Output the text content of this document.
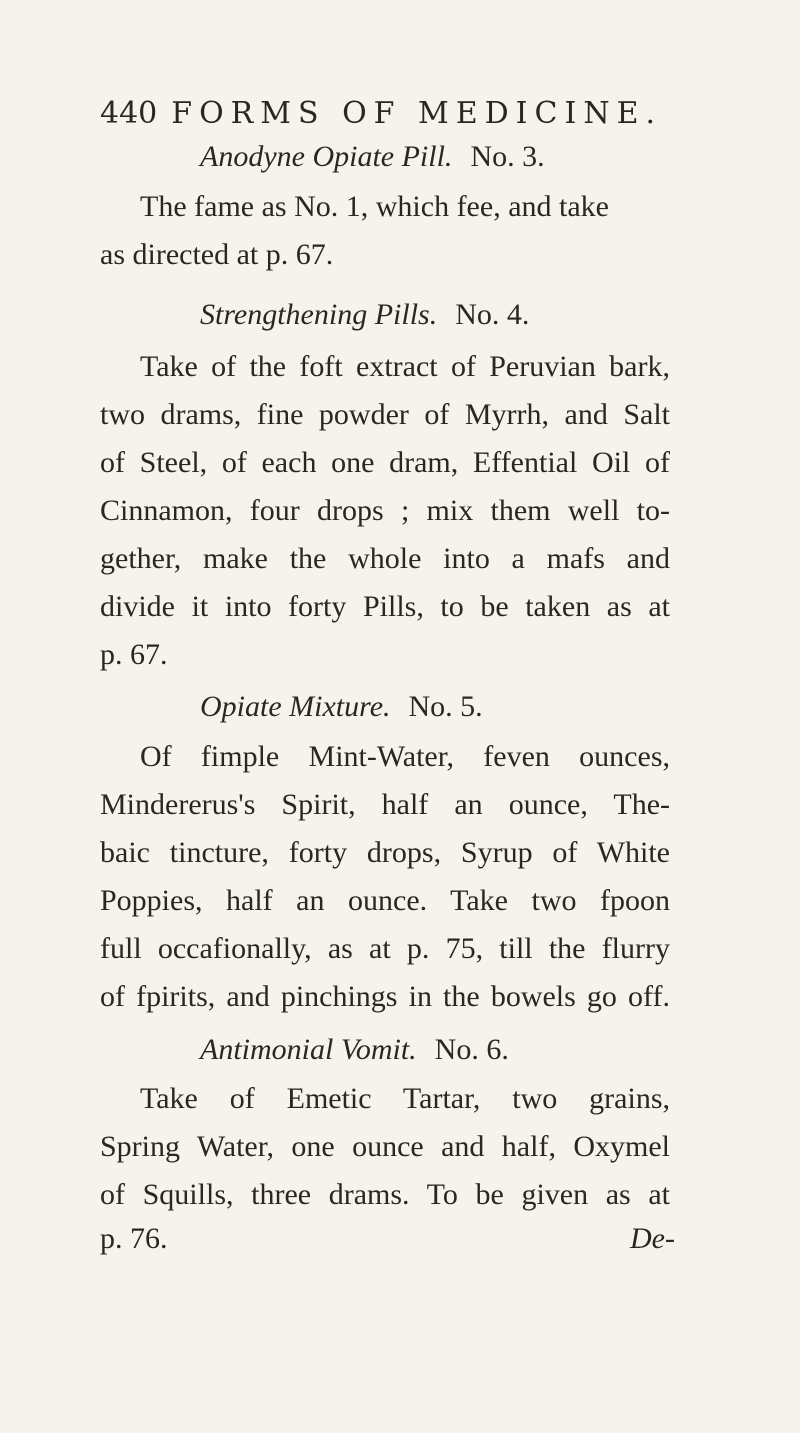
440 FORMS OF MEDICINE.
Anodyne Opiate Pill. No. 3.
The fame as No. 1, which fee, and take
as directed at p. 67.
Strengthening Pills. No. 4.
Take of the foft extract of Peruvian bark,
two drams, fine powder of Myrrh, and Salt
of Steel, of each one dram, Effential Oil of
Cinnamon, four drops ; mix them well to-
gether, make the whole into a mafs and
divide it into forty Pills, to be taken as at
p. 67.
Opiate Mixture. No. 5.
Of fimple Mint-Water, feven ounces,
Mindererus's Spirit, half an ounce, The-
baic tincture, forty drops, Syrup of White
Poppies, half an ounce. Take two fpoon
full occafionally, as at p. 75, till the flurry
of fpirits, and pinchings in the bowels go off.
Antimonial Vomit. No. 6.
Take of Emetic Tartar, two grains,
Spring Water, one ounce and half, Oxymel
of Squills, three drams. To be given as at
p. 76.	De-
